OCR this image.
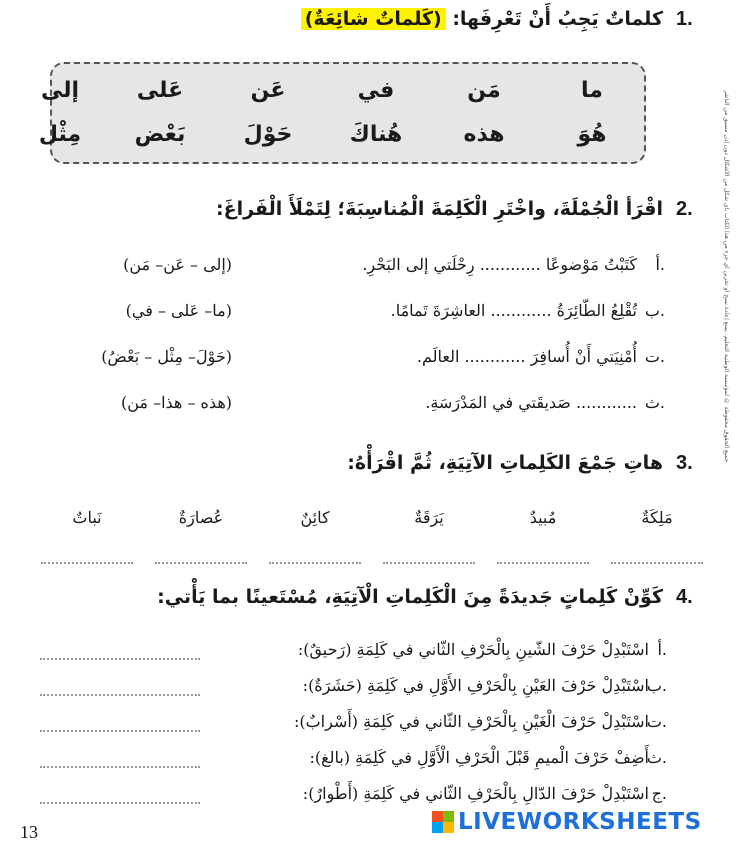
1.
كلماتٌ يَجِبُ أَنْ تَعْرِفَها: (كَلماتٌ شائِعَةٌ)
ما
مَن
في
عَن
عَلى
إلى
هُوَ
هذه
هُناكَ
حَوْلَ
بَعْض
مِثْل
2.
اقْرَأ الْجُمْلَةَ، واخْتَرِ الْكَلِمَةَ الْمُناسِبَةَ؛ لِتَمْلَأَ الْفَراغَ:
أ.
كَتَبْتُ مَوْضوعًا ............ رِحْلَتي إلى البَحْرِ.
(إلى – عَن– مَن)
ب.
تُقْلِعُ الطّائِرَةُ ............ العاشِرَةَ تَمامًا.
(ما– عَلى – في)
ت.
أُمْنِيَتي أَنْ أُسافِرَ ............ العالَم.
(حَوْلَ– مِثْل – بَعْضُ)
ث.
............ صَديقَتي في المَدْرَسَةِ.
(هذه – هذا– مَن)
3.
هاتِ جَمْعَ الكَلِماتِ الآتِيَةِ، ثُمَّ اقْرَأْهُ:
مَلِكَةٌ
مُبيدٌ
يَرَقَةٌ
كائِنٌ
عُصارَةٌ
نَباتٌ
4.
كَوِّنْ كَلِماتٍ جَديدَةً مِنَ الْكَلِماتِ الْآتِيَةِ، مُسْتَعينًا بما يَأْتي:
أ.
اسْتَبْدِلْ حَرْفَ الشّينِ بِالْحَرْفِ الثّاني في كَلِمَةِ (رَحيقٌ):
ب.
اسْتَبْدِلْ حَرْفَ العَيْنِ بِالْحَرْفِ الأَوَّلِ في كَلِمَةِ (حَشَرَةٌ):
ت.
اسْتَبْدِلْ حَرْفَ الْغَيْنِ بِالْحَرْفِ الثّاني في كَلِمَةِ (أَسْرابٌ):
ث.
أَضِفْ حَرْفَ الْميمِ قَبْلَ الْحَرْفِ الْأَوَّلِ في كَلِمَةِ (بالغ):
ج.
اسْتَبْدِلْ حَرْفَ الدّالِ بِالْحَرْفِ الثّاني في كَلِمَةِ (أَطْوارٌ):
جميع الحقوق محفوظة © لمؤسسة الوطنية للتعليم. يمنع إعادة نسخ أو تخزين أي جزء من هذا الكتاب بأي شكل من الأشكال دون إذن مسبق من الناشر
13	LIVEWORKSHEETS
